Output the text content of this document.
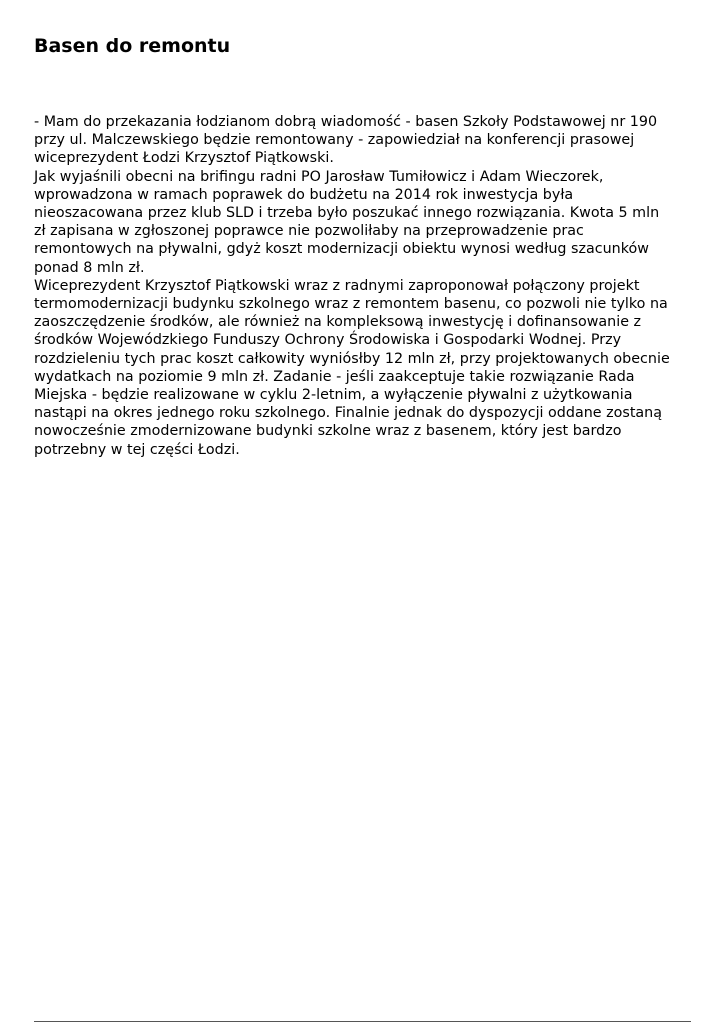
Basen do remontu
- Mam do przekazania łodzianom dobrą wiadomość - basen Szkoły Podstawowej nr 190
przy ul. Malczewskiego będzie remontowany - zapowiedział na konferencji prasowej
wiceprezydent Łodzi Krzysztof Piątkowski.
Jak wyjaśnili obecni na brifingu radni PO Jarosław Tumiłowicz i Adam Wieczorek,
wprowadzona w ramach poprawek do budżetu na 2014 rok inwestycja była
nieoszacowana przez klub SLD i trzeba było poszukać innego rozwiązania. Kwota 5 mln
zł zapisana w zgłoszonej poprawce nie pozwoliłaby na przeprowadzenie prac
remontowych na pływalni, gdyż koszt modernizacji obiektu wynosi według szacunków
ponad 8 mln zł.
Wiceprezydent Krzysztof Piątkowski wraz z radnymi zaproponował połączony projekt
termomodernizacji budynku szkolnego wraz z remontem basenu, co pozwoli nie tylko na
zaoszczędzenie środków, ale również na kompleksową inwestycję i dofinansowanie z
środków Wojewódzkiego Funduszy Ochrony Środowiska i Gospodarki Wodnej. Przy
rozdzieleniu tych prac koszt całkowity wyniósłby 12 mln zł, przy projektowanych obecnie
wydatkach na poziomie 9 mln zł. Zadanie - jeśli zaakceptuje takie rozwiązanie Rada
Miejska - będzie realizowane w cyklu 2-letnim, a wyłączenie pływalni z użytkowania
nastąpi na okres jednego roku szkolnego. Finalnie jednak do dyspozycji oddane zostaną
nowocześnie zmodernizowane budynki szkolne wraz z basenem, który jest bardzo
potrzebny w tej części Łodzi.
